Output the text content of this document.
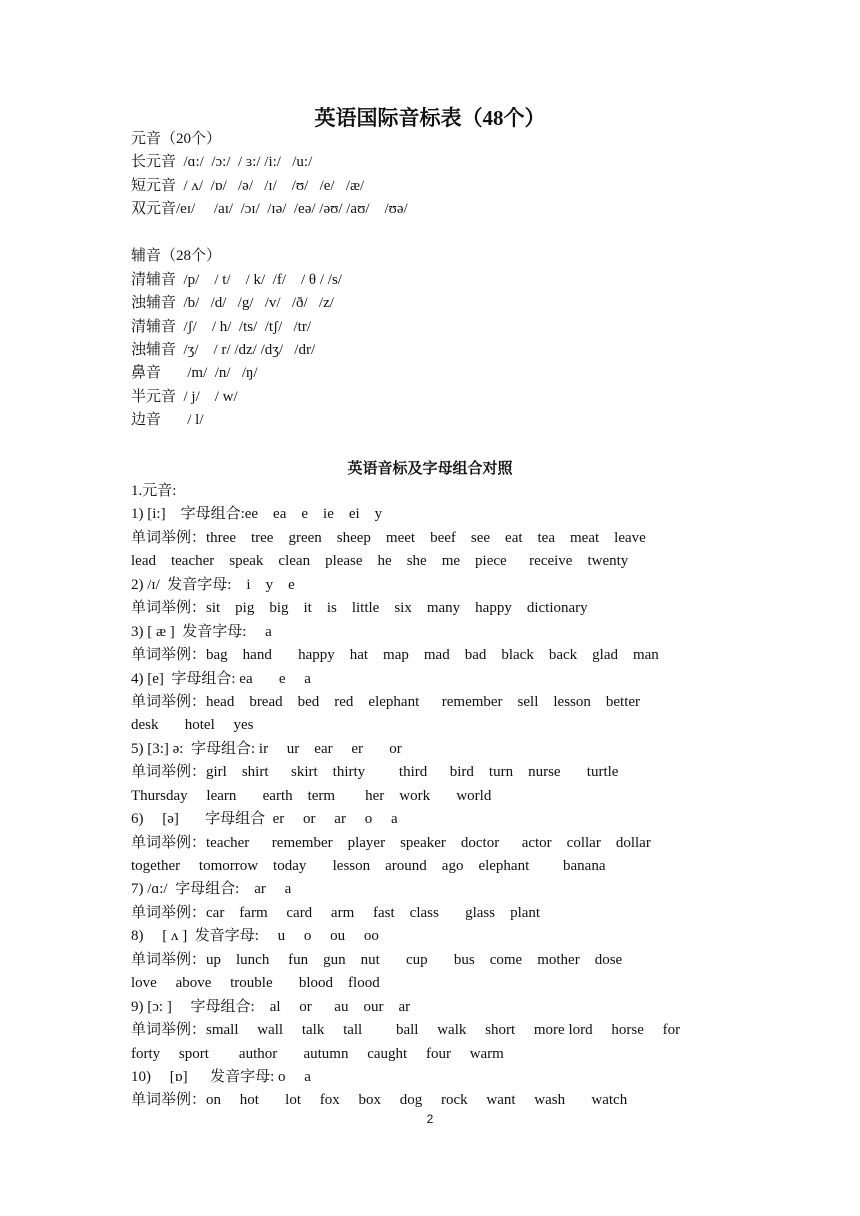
英语国际音标表（48个）
元音（20个）
长元音  /ɑ:/  /ɔ:/  / ɜ:/ /i:/   /u:/
短元音  / ʌ/  /ɒ/   /ə/   /ɪ/    /ʊ/   /e/   /æ/
双元音/eɪ/     /aɪ/  /ɔɪ/  /ɪə/  /eə/ /əʊ/ /aʊ/    /ʊə/
辅音（28个）
清辅音  /p/    / t/    / k/  /f/    / θ / /s/
浊辅音  /b/   /d/   /g/   /v/   /ð/   /z/
清辅音  /ʃ/    / h/  /ts/  /tʃ/   /tr/
浊辅音  /ʒ/    / r/ /dz/ /dʒ/   /dr/
鼻音       /m/  /n/   /ŋ/
半元音  / j/    / w/
边音       / l/
英语音标及字母组合对照
1.元音:
1) [i:]    字母组合:ee    ea    e    ie    ei    y
单词举例：three    tree    green    sheep    meet    beef    see    eat    tea    meat    leave
lead    teacher    speak    clean    please    he    she    me    piece      receive    twenty
2) /ɪ/  发音字母:    i    y    e
单词举例：sit    pig    big    it    is    little    six    many    happy    dictionary
3) [ æ ]  发音字母:     a
单词举例：bag    hand       happy    hat    map    mad    bad    black    back    glad    man
4) [e]  字母组合: ea       e     a
单词举例：head    bread    bed    red    elephant      remember    sell    lesson    better
desk       hotel     yes
5) [3:] ə:  字母组合: ir     ur    ear     er       or
单词举例：girl    shirt      skirt    thirty         third      bird    turn    nurse       turtle
Thursday     learn       earth    term        her    work       world
6)     [ə]       字母组合  er     or     ar     o     a
单词举例：teacher      remember    player    speaker    doctor      actor    collar    dollar
together     tomorrow    today       lesson    around    ago    elephant         banana
7) /ɑ:/  字母组合:    ar     a
单词举例：car    farm     card     arm     fast    class       glass    plant
8)     [ ʌ ]  发音字母:     u     o     ou     oo
单词举例：up    lunch     fun    gun    nut       cup       bus    come    mother    dose
love     above     trouble       blood    flood
9) [ɔ: ]     字母组合:    al     or      au    our    ar
单词举例：small     wall     talk     tall         ball     walk     short     more lord     horse     for
forty     sport        author       autumn     caught     four     warm
10)     [ɒ]      发音字母: o     a
单词举例：on     hot       lot     fox     box     dog     rock     want     wash       watch
2
